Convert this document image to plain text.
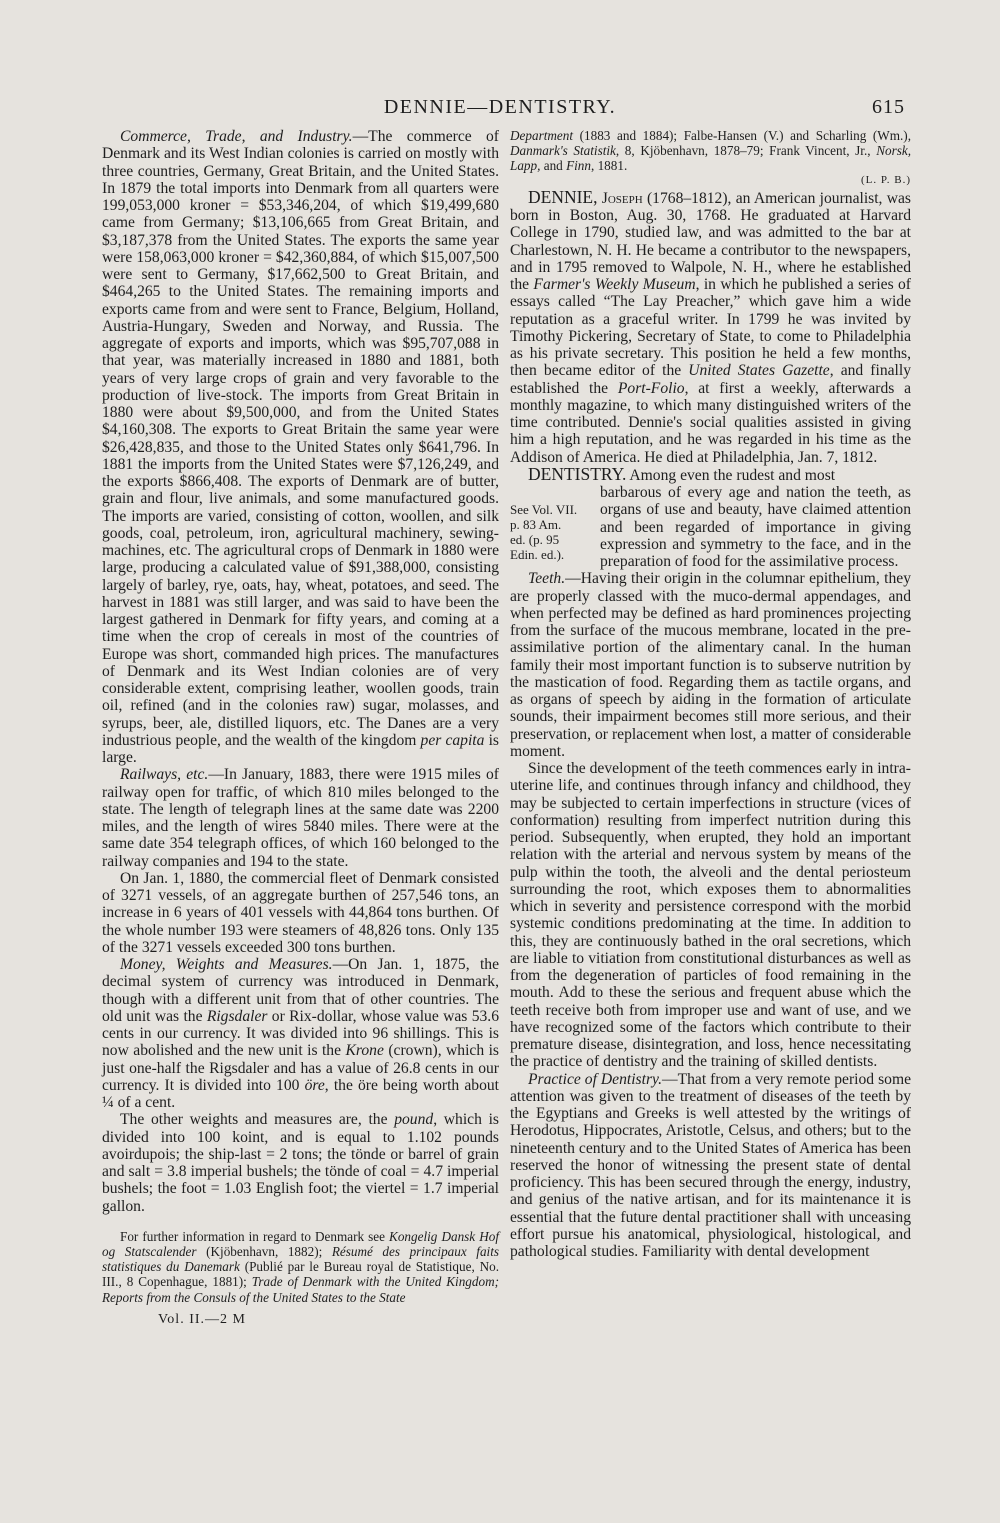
DENNIE—DENTISTRY.	615

Commerce, Trade, and Industry.—The commerce of Denmark and its West Indian colonies is carried on mostly with three countries, Germany, Great Britain, and the United States. In 1879 the total imports into Denmark from all quarters were 199,053,000 kroner = $53,346,204, of which $19,499,680 came from Germany; $13,106,665 from Great Britain, and $3,187,378 from the United States. The exports the same year were 158,063,000 kroner = $42,360,884, of which $15,007,500 were sent to Germany, $17,662,500 to Great Britain, and $464,265 to the United States. The remaining imports and exports came from and were sent to France, Belgium, Holland, Austria-Hungary, Sweden and Norway, and Russia. The aggregate of exports and imports, which was $95,707,088 in that year, was materially increased in 1880 and 1881, both years of very large crops of grain and very favorable to the production of live-stock. The imports from Great Britain in 1880 were about $9,500,000, and from the United States $4,160,308. The exports to Great Britain the same year were $26,428,835, and those to the United States only $641,796. In 1881 the imports from the United States were $7,126,249, and the exports $866,408. The exports of Denmark are of butter, grain and flour, live animals, and some manufactured goods. The imports are varied, consisting of cotton, woollen, and silk goods, coal, petroleum, iron, agricultural machinery, sewing-machines, etc. The agricultural crops of Denmark in 1880 were large, producing a calculated value of $91,388,000, consisting largely of barley, rye, oats, hay, wheat, potatoes, and seed. The harvest in 1881 was still larger, and was said to have been the largest gathered in Denmark for fifty years, and coming at a time when the crop of cereals in most of the countries of Europe was short, commanded high prices. The manufactures of Denmark and its West Indian colonies are of very considerable extent, comprising leather, woollen goods, train oil, refined (and in the colonies raw) sugar, molasses, and syrups, beer, ale, distilled liquors, etc. The Danes are a very industrious people, and the wealth of the kingdom per capita is large.

Railways, etc.—In January, 1883, there were 1915 miles of railway open for traffic, of which 810 miles belonged to the state. The length of telegraph lines at the same date was 2200 miles, and the length of wires 5840 miles. There were at the same date 354 telegraph offices, of which 160 belonged to the railway companies and 194 to the state.

On Jan. 1, 1880, the commercial fleet of Denmark consisted of 3271 vessels, of an aggregate burthen of 257,546 tons, an increase in 6 years of 401 vessels with 44,864 tons burthen. Of the whole number 193 were steamers of 48,826 tons. Only 135 of the 3271 vessels exceeded 300 tons burthen.

Money, Weights and Measures.—On Jan. 1, 1875, the decimal system of currency was introduced in Denmark, though with a different unit from that of other countries. The old unit was the Rigsdaler or Rix-dollar, whose value was 53.6 cents in our currency. It was divided into 96 shillings. This is now abolished and the new unit is the Krone (crown), which is just one-half the Rigsdaler and has a value of 26.8 cents in our currency. It is divided into 100 öre, the öre being worth about ¼ of a cent.

The other weights and measures are, the pound, which is divided into 100 koint, and is equal to 1.102 pounds avoirdupois; the ship-last = 2 tons; the tönde or barrel of grain and salt = 3.8 imperial bushels; the tönde of coal = 4.7 imperial bushels; the foot = 1.03 English foot; the viertel = 1.7 imperial gallon.

For further information in regard to Denmark see Kongelig Dansk Hof og Statscalender (Kjöbenhavn, 1882); Résumé des principaux faits statistiques du Danemark (Publié par le Bureau royal de Statistique, No. III., 8 Copenhague, 1881); Trade of Denmark with the United Kingdom; Reports from the Consuls of the United States to the State

Vol. II.—2 M

Department (1883 and 1884); Falbe-Hansen (V.) and Scharling (Wm.), Danmark's Statistik, 8, Kjöbenhavn, 1878–79; Frank Vincent, Jr., Norsk, Lapp, and Finn, 1881.

(L. P. B.)

DENNIE, Joseph (1768–1812), an American journalist, was born in Boston, Aug. 30, 1768. He graduated at Harvard College in 1790, studied law, and was admitted to the bar at Charlestown, N. H. He became a contributor to the newspapers, and in 1795 removed to Walpole, N. H., where he established the Farmer's Weekly Museum, in which he published a series of essays called “The Lay Preacher,” which gave him a wide reputation as a graceful writer. In 1799 he was invited by Timothy Pickering, Secretary of State, to come to Philadelphia as his private secretary. This position he held a few months, then became editor of the United States Gazette, and finally established the Port-Folio, at first a weekly, afterwards a monthly magazine, to which many distinguished writers of the time contributed. Dennie's social qualities assisted in giving him a high reputation, and he was regarded in his time as the Addison of America. He died at Philadelphia, Jan. 7, 1812.

DENTISTRY. Among even the rudest and most

See Vol. VII.
p. 83 Am.
ed. (p. 95
Edin. ed.).
barbarous of every age and nation the teeth, as organs of use and beauty, have claimed attention and been regarded of importance in giving expression and symmetry to the face, and in the preparation of food for the assimilative process.

Teeth.—Having their origin in the columnar epithelium, they are properly classed with the muco-dermal appendages, and when perfected may be defined as hard prominences projecting from the surface of the mucous membrane, located in the pre-assimilative portion of the alimentary canal. In the human family their most important function is to subserve nutrition by the mastication of food. Regarding them as tactile organs, and as organs of speech by aiding in the formation of articulate sounds, their impairment becomes still more serious, and their preservation, or replacement when lost, a matter of considerable moment.

Since the development of the teeth commences early in intra-uterine life, and continues through infancy and childhood, they may be subjected to certain imperfections in structure (vices of conformation) resulting from imperfect nutrition during this period. Subsequently, when erupted, they hold an important relation with the arterial and nervous system by means of the pulp within the tooth, the alveoli and the dental periosteum surrounding the root, which exposes them to abnormalities which in severity and persistence correspond with the morbid systemic conditions predominating at the time. In addition to this, they are continuously bathed in the oral secretions, which are liable to vitiation from constitutional disturbances as well as from the degeneration of particles of food remaining in the mouth. Add to these the serious and frequent abuse which the teeth receive both from improper use and want of use, and we have recognized some of the factors which contribute to their premature disease, disintegration, and loss, hence necessitating the practice of dentistry and the training of skilled dentists.

Practice of Dentistry.—That from a very remote period some attention was given to the treatment of diseases of the teeth by the Egyptians and Greeks is well attested by the writings of Herodotus, Hippocrates, Aristotle, Celsus, and others; but to the nineteenth century and to the United States of America has been reserved the honor of witnessing the present state of dental proficiency. This has been secured through the energy, industry, and genius of the native artisan, and for its maintenance it is essential that the future dental practitioner shall with unceasing effort pursue his anatomical, physiological, histological, and pathological studies. Familiarity with dental development
